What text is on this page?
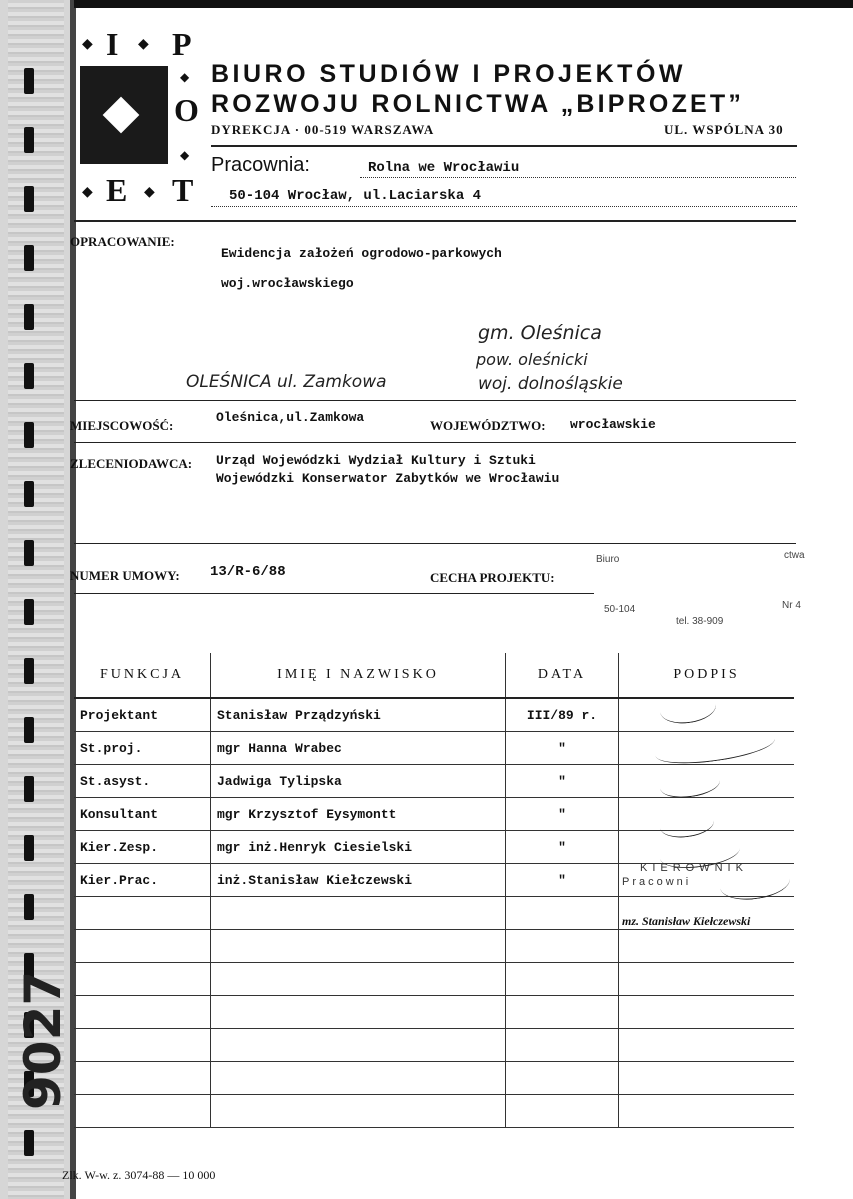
◆ I ◆ P
◆
O
◆
◆ E ◆ T
BIURO STUDIÓW I PROJEKTÓW
ROZWOJU ROLNICTWA „BIPROZET”
DYREKCJA · 00-519 WARSZAWA	UL. WSPÓLNA 30
Pracownia:	Rolna we Wrocławiu
50-104 Wrocław, ul.Laciarska 4
OPRACOWANIE:
Ewidencja założeń ogrodowo-parkowych
woj.wrocławskiego
gm. Oleśnica
pow. oleśnicki
OLEŚNICA ul. Zamkowa	woj. dolnośląskie
MIEJSCOWOŚĆ:
Oleśnica,ul.Zamkowa
WOJEWÓDZTWO: wrocławskie
ZLECENIODAWCA: Urząd Wojewódzki Wydział Kultury i Sztuki
Wojewódzki Konserwator Zabytków we Wrocławiu
NUMER UMOWY: 13/R-6/88	CECHA PROJEKTU:
Biuro	ctwa
50-104	Nr 4
tel. 38-909
FUNKCJA	IMIĘ I NAZWISKO	DATA	PODPIS
Projektant	Stanisław Prządzyński	III/89 r.	
St.proj.	mgr Hanna Wrabec	"	
St.asyst.	Jadwiga Tylipska	"	
Konsultant	mgr Krzysztof Eysymontt	"	
Kier.Zesp.	mgr inż.Henryk Ciesielski	"	
Kier.Prac.	inż.Stanisław Kiełczewski	"	

KIEROWNIK
Pracowni
mz. Stanisław Kiełczewski
9027
Zlk. W-w. z. 3074-88 — 10 000
